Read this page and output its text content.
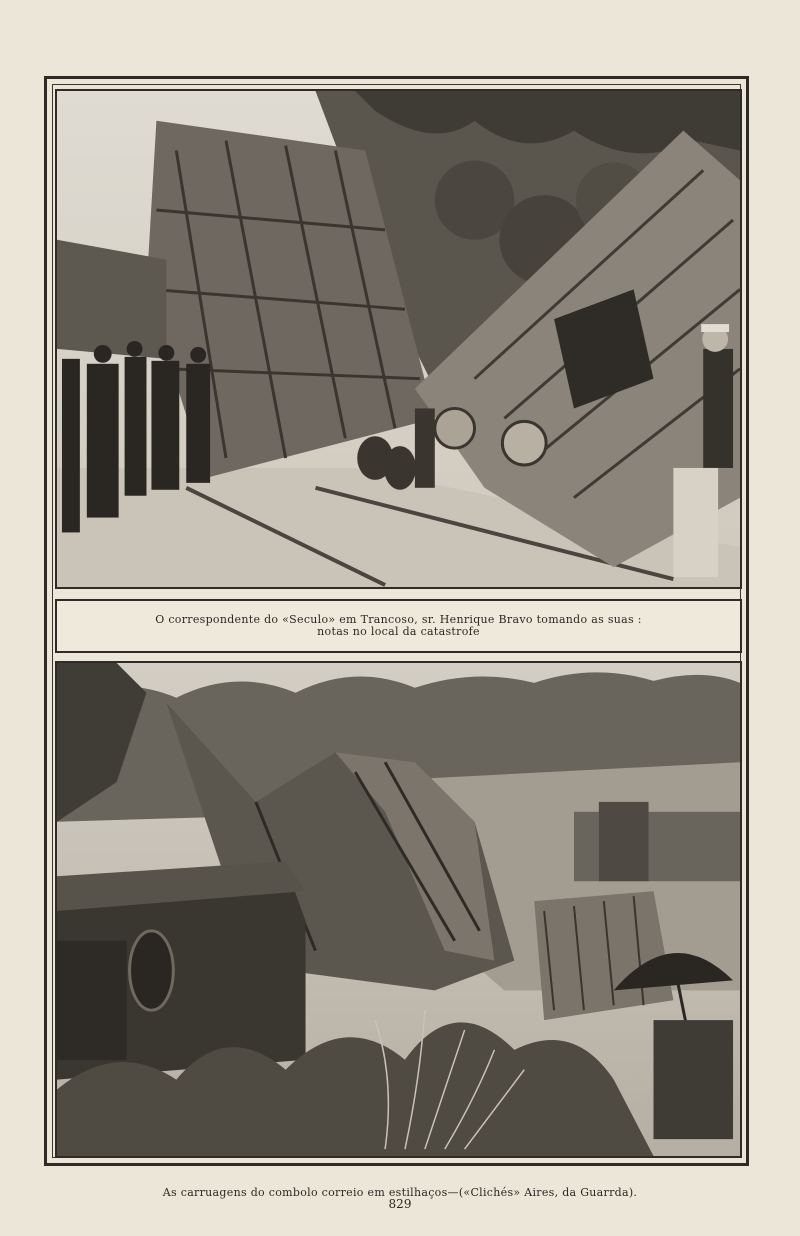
O correspondente do «Seculo» em Trancoso, sr. Henrique Bravo tomando as suas : notas no local da catastrofe
As carruagens do combolo correio em estilhaços—(«Clichés» Aires, da Guarrda).
829
